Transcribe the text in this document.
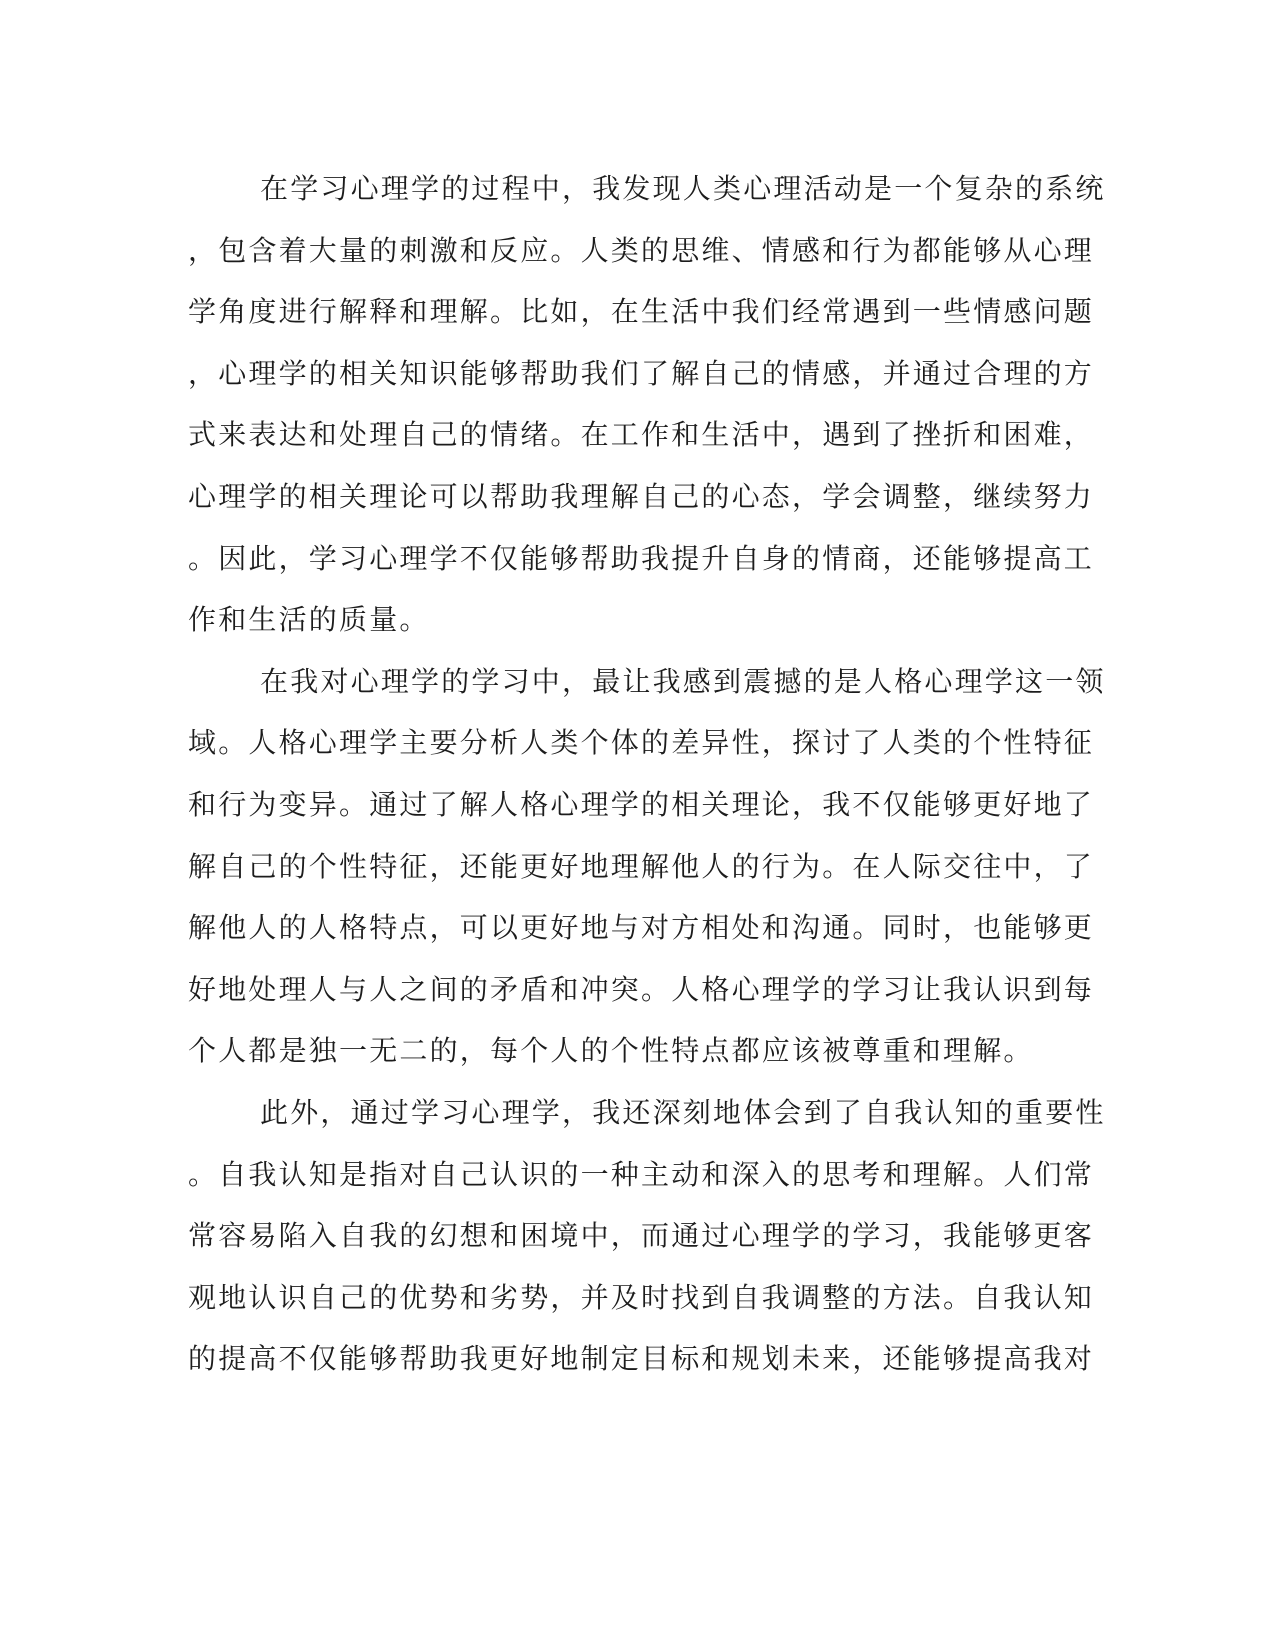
在学习心理学的过程中，我发现人类心理活动是一个复杂的系统
，包含着大量的刺激和反应。人类的思维、情感和行为都能够从心理
学角度进行解释和理解。比如，在生活中我们经常遇到一些情感问题
，心理学的相关知识能够帮助我们了解自己的情感，并通过合理的方
式来表达和处理自己的情绪。在工作和生活中，遇到了挫折和困难，
心理学的相关理论可以帮助我理解自己的心态，学会调整，继续努力
。因此，学习心理学不仅能够帮助我提升自身的情商，还能够提高工
作和生活的质量。

在我对心理学的学习中，最让我感到震撼的是人格心理学这一领
域。人格心理学主要分析人类个体的差异性，探讨了人类的个性特征
和行为变异。通过了解人格心理学的相关理论，我不仅能够更好地了
解自己的个性特征，还能更好地理解他人的行为。在人际交往中，了
解他人的人格特点，可以更好地与对方相处和沟通。同时，也能够更
好地处理人与人之间的矛盾和冲突。人格心理学的学习让我认识到每
个人都是独一无二的，每个人的个性特点都应该被尊重和理解。

此外，通过学习心理学，我还深刻地体会到了自我认知的重要性
。自我认知是指对自己认识的一种主动和深入的思考和理解。人们常
常容易陷入自我的幻想和困境中，而通过心理学的学习，我能够更客
观地认识自己的优势和劣势，并及时找到自我调整的方法。自我认知
的提高不仅能够帮助我更好地制定目标和规划未来，还能够提高我对
